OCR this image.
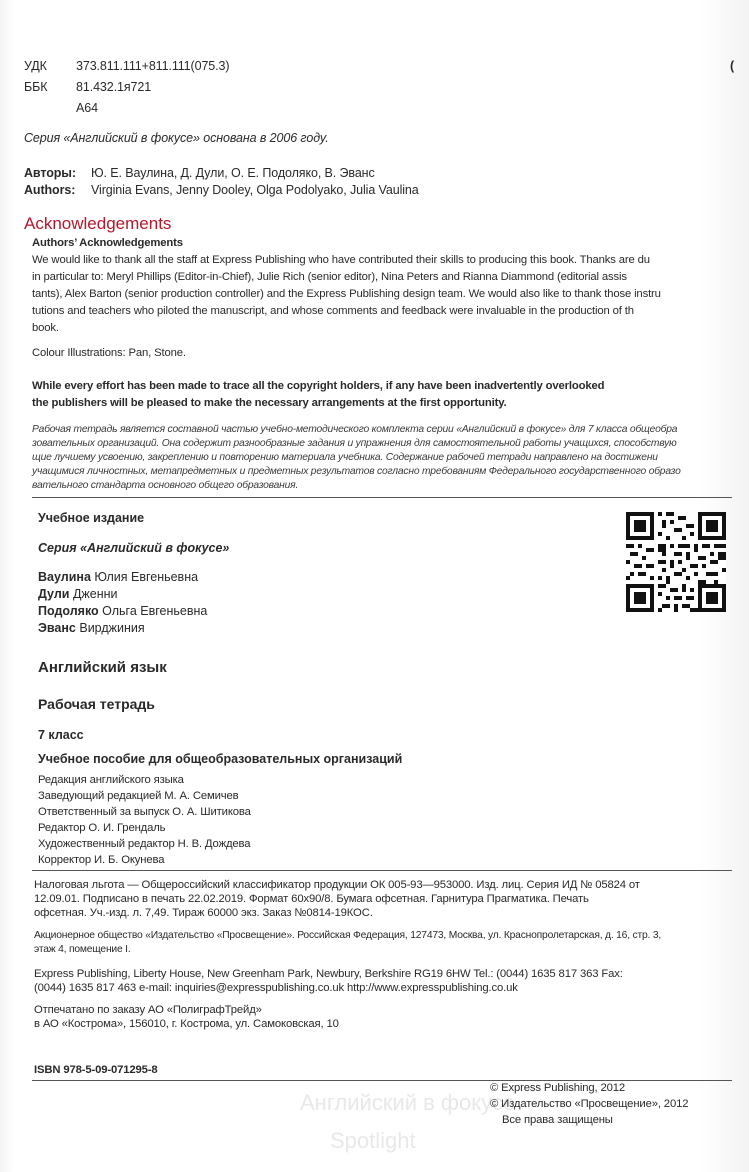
Английский в фокусе
Spotlight
УДК 373.811.111+811.111(075.3)
ББК 81.432.1я721
А64
(
Серия «Английский в фокусе» основана в 2006 году.
Авторы: Ю. Е. Ваулина, Д. Дули, О. Е. Подоляко, В. Эванс
Authors: Virginia Evans, Jenny Dooley, Olga Podolyako, Julia Vaulina
Acknowledgements
Authors’ Acknowledgements
We would like to thank all the staff at Express Publishing who have contributed their skills to producing this book. Thanks are du
in particular to: Meryl Phillips (Editor-in-Chief), Julie Rich (senior editor), Nina Peters and Rianna Diammond (editorial assis
tants), Alex Barton (senior production controller) and the Express Publishing design team. We would also like to thank those instru
tutions and teachers who piloted the manuscript, and whose comments and feedback were invaluable in the production of th
book.
Colour Illustrations: Pan, Stone.
While every effort has been made to trace all the copyright holders, if any have been inadvertently overlooked
the publishers will be pleased to make the necessary arrangements at the first opportunity.
Рабочая тетрадь является составной частью учебно-методического комплекта серии «Английский в фокусе» для 7 класса общеобра
зовательных организаций. Она содержит разнообразные задания и упражнения для самостоятельной работы учащихся, способствую
щие лучшему усвоению, закреплению и повторению материала учебника. Содержание рабочей тетради направлено на достижени
учащимися личностных, метапредметных и предметных результатов согласно требованиям Федерального государственного образо
вательного стандарта основного общего образования.
Учебное издание
Серия «Английский в фокусе»
Ваулина Юлия Евгеньевна
Дули Дженни
Подоляко Ольга Евгеньевна
Эванс Вирджиния
Английский язык
Рабочая тетрадь
7 класс
Учебное пособие для общеобразовательных организаций
Редакция английского языка
Заведующий редакцией М. А. Семичев
Ответственный за выпуск О. А. Шитикова
Редактор О. И. Грендаль
Художественный редактор Н. В. Дождева
Корректор И. Б. Окунева
Налоговая льгота — Общероссийский классификатор продукции ОК 005-93—953000. Изд. лиц. Серия ИД № 05824 от
12.09.01. Подписано в печать 22.02.2019. Формат 60x90/8. Бумага офсетная. Гарнитура Прагматика. Печать
офсетная. Уч.-изд. л. 7,49. Тираж 60000 экз. Заказ №0814-19КОС.
Акционерное общество «Издательство «Просвещение». Российская Федерация, 127473, Москва, ул. Краснопролетарская, д. 16, стр. 3,
этаж 4, помещение I.
Express Publishing, Liberty House, New Greenham Park, Newbury, Berkshire RG19 6HW Tel.: (0044) 1635 817 363 Fax:
(0044) 1635 817 463 e-mail: inquiries@expresspublishing.co.uk http://www.expresspublishing.co.uk
Отпечатано по заказу АО «ПолиграфТрейд»
в АО «Кострома», 156010, г. Кострома, ул. Самоковская, 10
ISBN 978-5-09-071295-8
© Express Publishing, 2012
© Издательство «Просвещение», 2012
Все права защищены
